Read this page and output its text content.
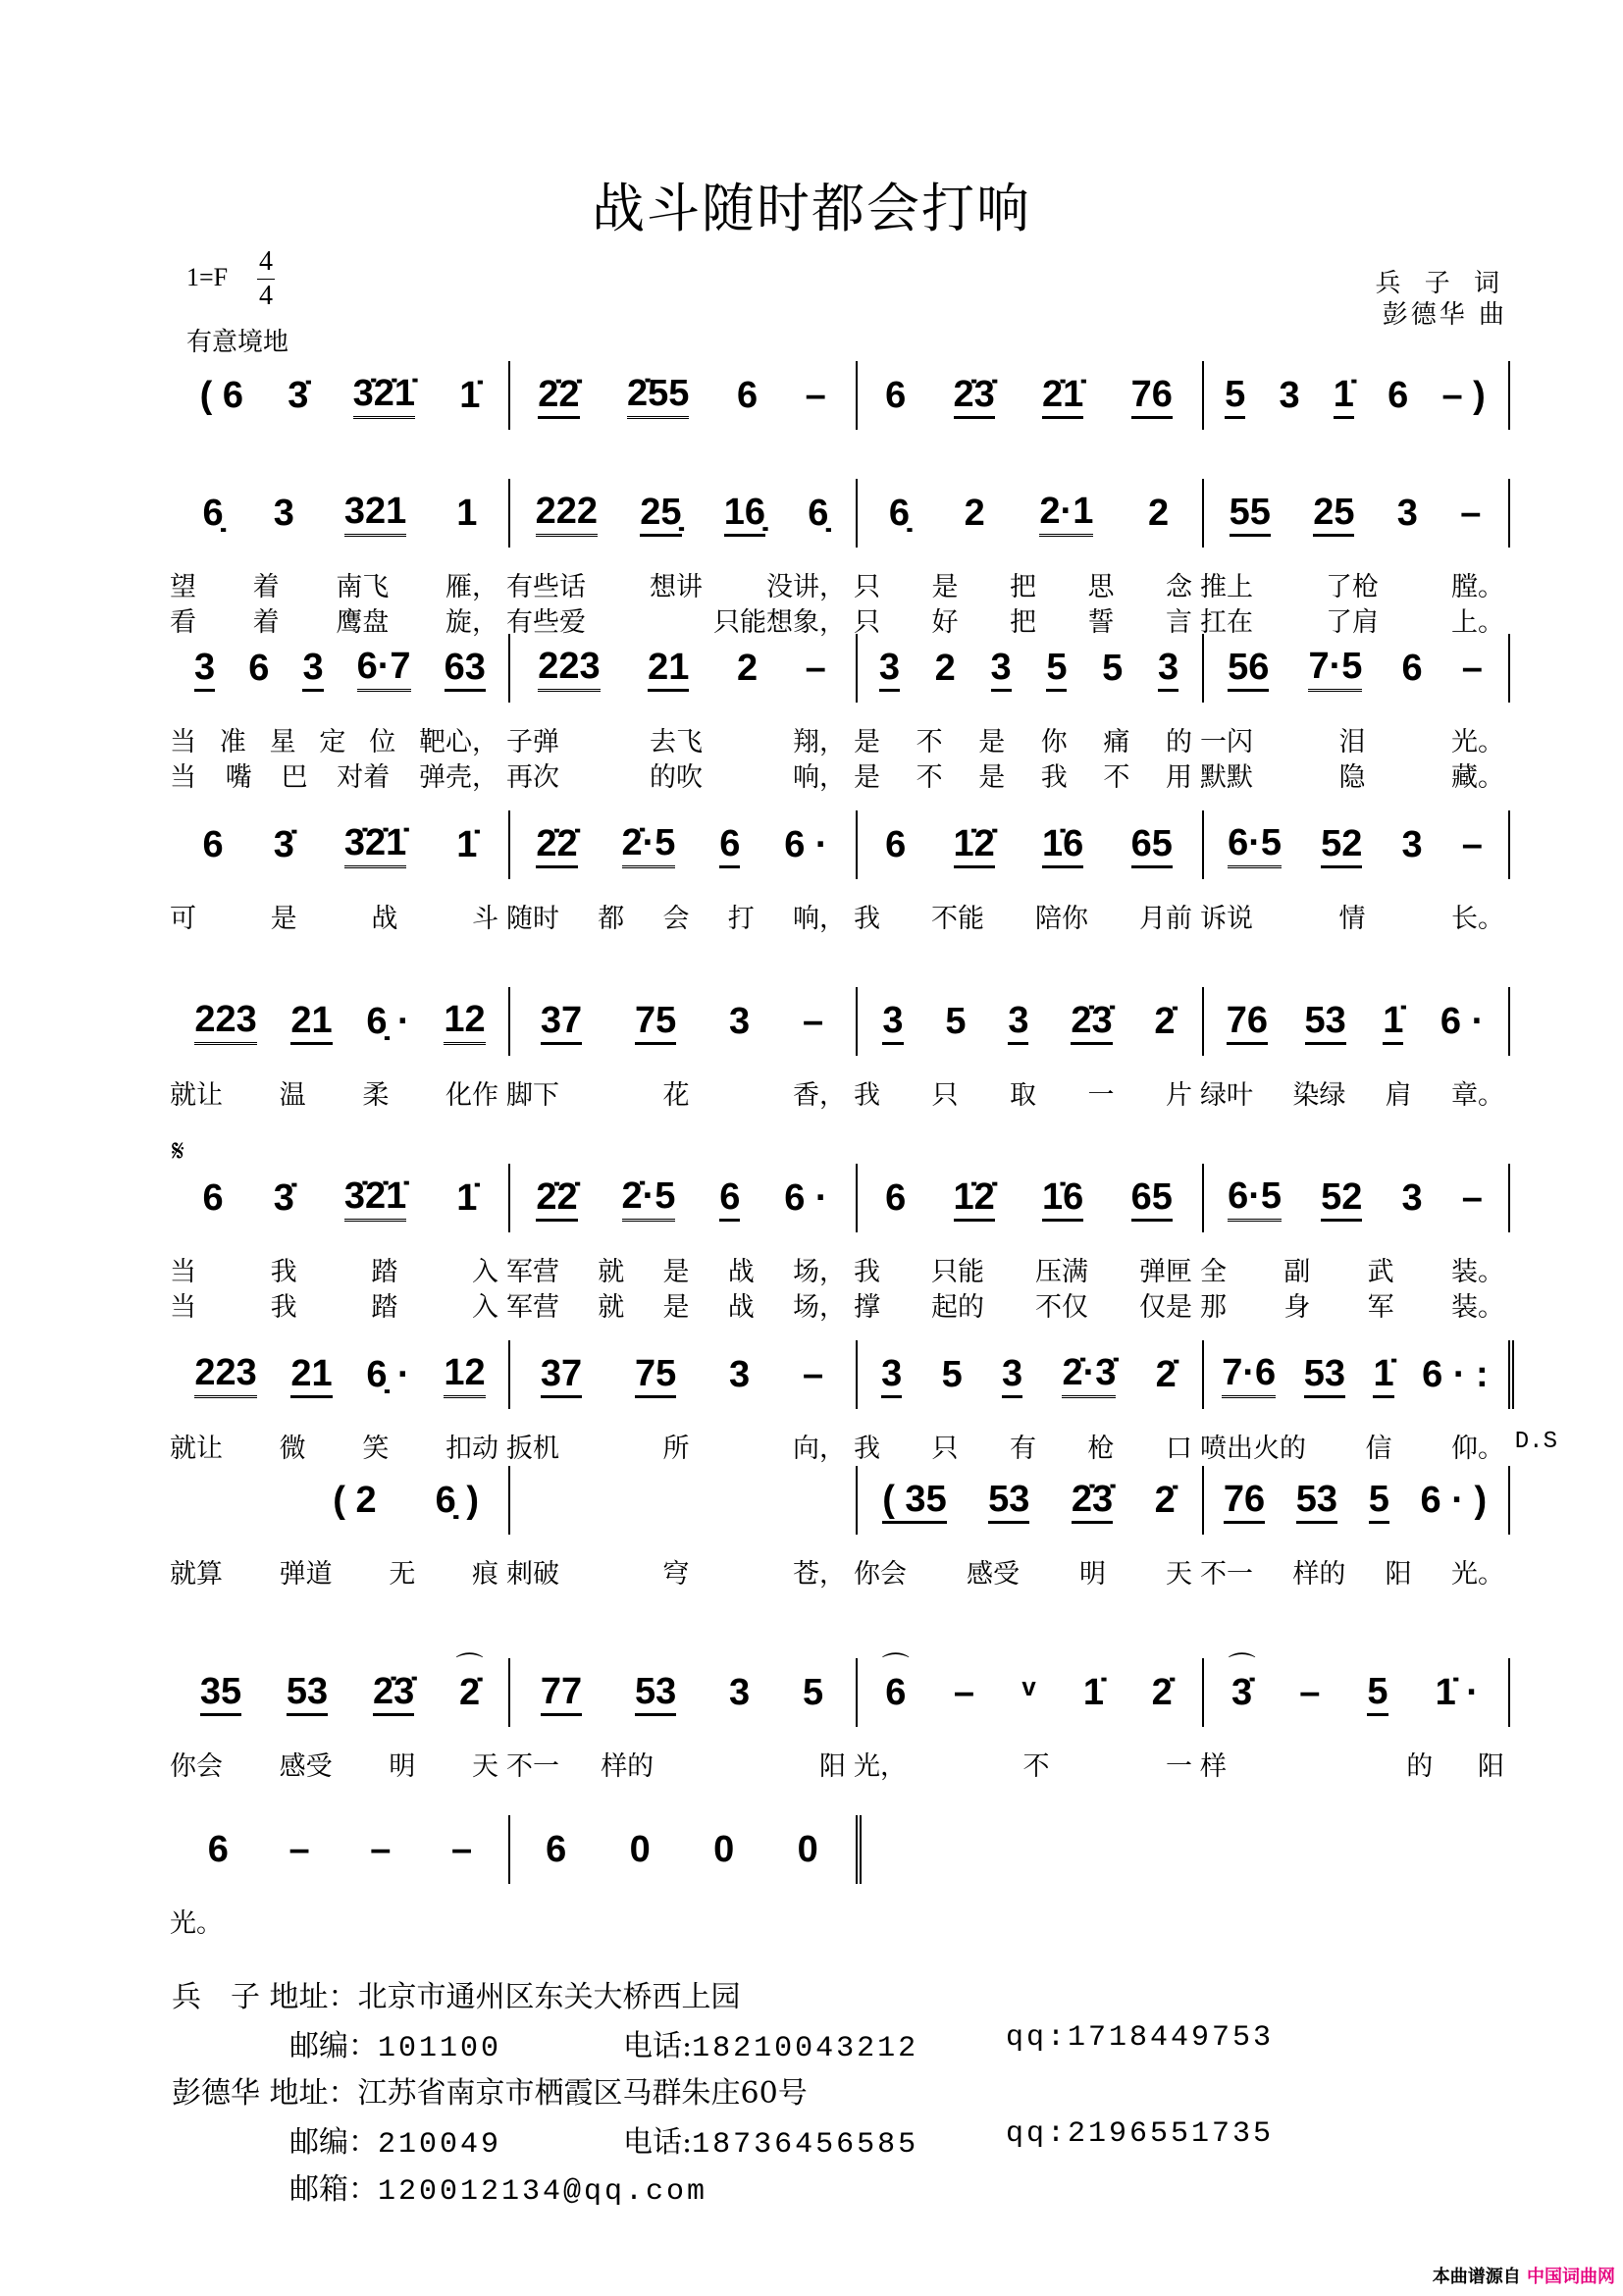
战斗随时都会打响
1=F
4
4
有意境地
兵 子 词
彭德华 曲
( 6 3̇ 3̇2̇1̇ 1̇ 2̇2̇ 2̇55 6 – 6 2̇3̇ 2̇1̇ 76 5 3 1̇ 6 – )
6̣ 3 321 1 222 25̣ 16̣ 6̣ 6̣ 2 2·1 2 55 25 3 –
望 着 南飞 雁， 有些话 想讲 没讲， 只 是 把 思 念 推上	了枪	膛。
看 着 鹰盘 旋， 有些爱	只能想象， 只 好 把 誓 言 扛在	了肩	上。
3 6 3 6·7 63 223 21 2 – 3 2 3 5 5 3 56 7·5 6 –
当 准 星 定 位 靶心， 子弹	去飞	翔， 是 不 是 你 痛 的 一闪	泪	光。
当 嘴 巴 对着 弹壳， 再次	的吹	响， 是 不 是 我 不 用 默默	隐	藏。
6 3̇ 3̇2̇1̇ 1̇ 2̇2̇ 2̇·5 6 6 · 6 1̇2̇ 1̇6 65 6·5 52 3 –
可	是	战	斗 随时 都 会 打 响， 我 不能 陪你 月前 诉说	情	长。
223 21 6̣ · 12 37 75 3 – 3 5 3 2̇3̇ 2̇ 76 53 1̇ 6 ·
就让 温 柔 化作 脚下	花	香， 我 只 取 一 片 绿叶 染绿 肩 章。
𝄋
6 3̇ 3̇2̇1̇ 1̇ 2̇2̇ 2̇·5 6 6 · 6 1̇2̇ 1̇6 65 6·5 52 3 –
当	我	踏	入 军营 就 是 战 场， 我 只能 压满 弹匣 全 副 武 装。
当	我	踏	入 军营 就 是 战 场， 撑 起的 不仅 仅是 那 身 军 装。
223 21 6̣ · 12 37 75 3 – 3 5 3 2̇·3̇ 2̇ 7·6 53 1̇ 6 · :
就让 微 笑 扣动 扳机	所	向， 我 只 有 枪 口 喷出火的 信 仰。 D.S
( 2 6̣ )	( 35 53 2̇3̇ 2̇ 76 53 5 6 · )
就算 弹道 无 痕 刺破	穹	苍， 你会 感受 明 天 不一 样的 阳 光。
35 53 2̇3̇ 2̇
⌒
77 53 3 5 6
⌒
– ᵛ 1̇ 2̇ 3̇
⌒
– 5 1̇ ·
你会 感受 明 天 不一 样的	阳 光，	不	一 样	的 阳
6 – – – 6 0 0 0
光 。
兵　子 地址：北京市通州区东关大桥西上园
邮编：101100	电话:18210043212	qq:1718449753
彭德华 地址：江苏省南京市栖霞区马群朱庄60号
邮编：210049	电话:18736456585	qq:2196551735
邮箱：120012134@qq.com
本曲谱源自 中国词曲网
